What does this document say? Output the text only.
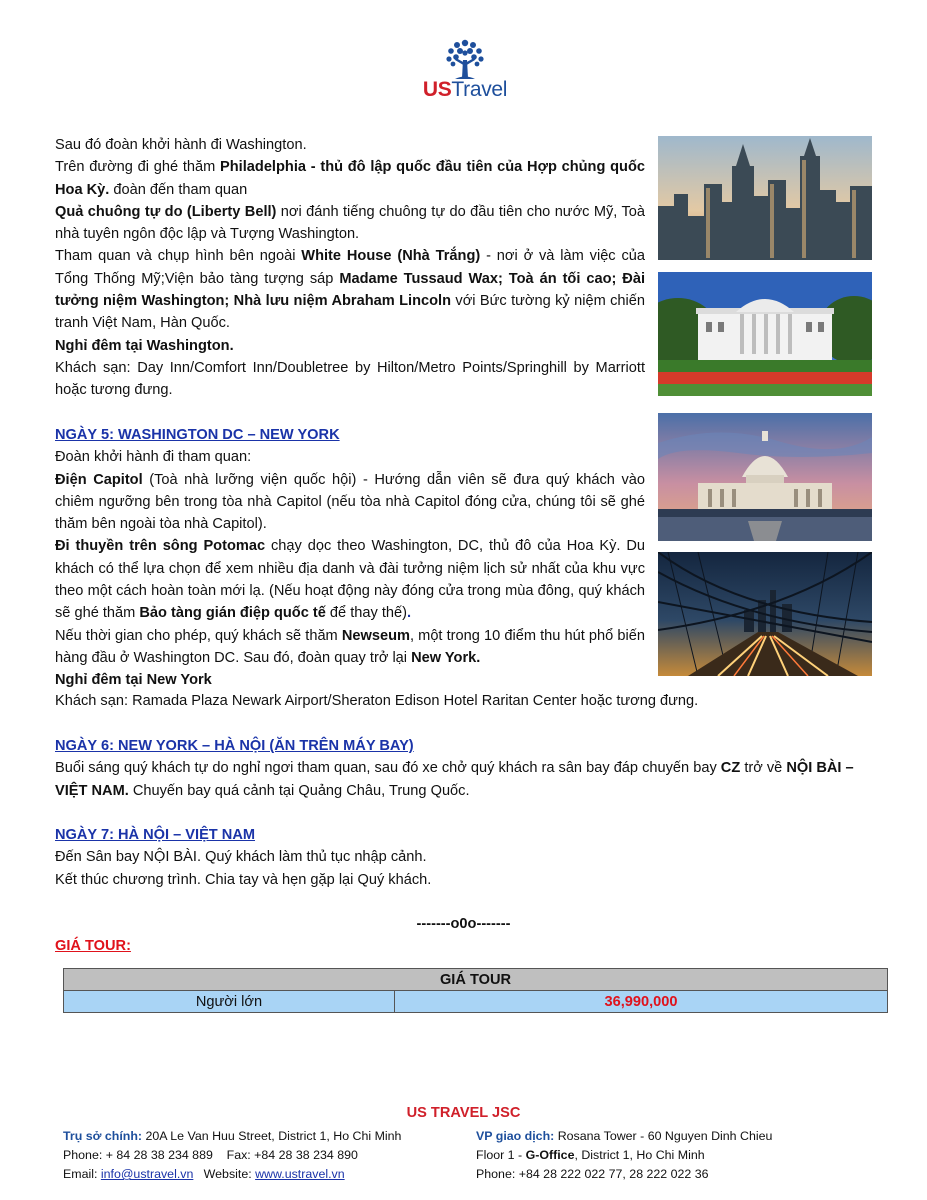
USTravel

Sau đó đoàn khởi hành đi Washington.

Trên đường đi ghé thăm Philadelphia - thủ đô lập quốc đầu tiên của Hợp chủng quốc Hoa Kỳ. đoàn đến tham quan

Quả chuông tự do (Liberty Bell) nơi đánh tiếng chuông tự do đầu tiên cho nước Mỹ, Toà nhà tuyên ngôn độc lập và Tượng Washington.

Tham quan và chụp hình bên ngoài White House (Nhà Trắng) - nơi ở và làm việc của Tổng Thống Mỹ;Viện bảo tàng tượng sáp Madame Tussaud Wax; Toà án tối cao; Đài tưởng niệm Washington; Nhà lưu niệm Abraham Lincoln với Bức tường kỷ niệm chiến tranh Việt Nam, Hàn Quốc.

Nghỉ đêm tại Washington.

Khách sạn: Day Inn/Comfort Inn/Doubletree by Hilton/Metro Points/Springhill by Marriott hoặc tương đưng.

NGÀY 5: WASHINGTON DC – NEW YORK

Đoàn khởi hành đi tham quan:

Điện Capitol (Toà nhà lưỡng viện quốc hội) - Hướng dẫn viên sẽ đưa quý khách vào chiêm ngưỡng bên trong tòa nhà Capitol (nếu tòa nhà Capitol đóng cửa, chúng tôi sẽ ghé thăm bên ngoài tòa nhà Capitol).

Đi thuyền trên sông Potomac chạy dọc theo Washington, DC, thủ đô của Hoa Kỳ. Du khách có thể lựa chọn để xem nhiều địa danh và đài tưởng niệm lịch sử nhất của khu vực theo một cách hoàn toàn mới lạ. (Nếu hoạt động này đóng cửa trong mùa đông, quý khách sẽ ghé thăm Bảo tàng gián điệp quốc tế để thay thế).

Nếu thời gian cho phép, quý khách sẽ thăm Newseum, một trong 10 điểm thu hút phổ biến hàng đầu ở Washington DC. Sau đó, đoàn quay trở lại New York.

Nghỉ đêm tại New York

Khách sạn: Ramada Plaza Newark Airport/Sheraton Edison Hotel Raritan Center hoặc tương đưng.

NGÀY 6: NEW YORK – HÀ NỘI (ĂN TRÊN MÁY BAY)

Buổi sáng quý khách tự do nghỉ ngơi tham quan, sau đó xe chở quý khách ra sân bay đáp chuyến bay CZ trở về NỘI BÀI – VIỆT NAM. Chuyến bay quá cảnh tại Quảng Châu, Trung Quốc.

NGÀY 7: HÀ NỘI – VIỆT NAM

Đến Sân bay NỘI BÀI. Quý khách làm thủ tục nhập cảnh.

Kết thúc chương trình. Chia tay và hẹn gặp lại Quý khách.

-------o0o-------
GIÁ TOUR:
GIÁ TOUR
Người lớn	36,990,000
US TRAVEL JSC
Trụ sở chính: 20A Le Van Huu Street, District 1, Ho Chi Minh
Phone: + 84 28 38 234 889    Fax: +84 28 38 234 890
Email: info@ustravel.vn   Website: www.ustravel.vn
VP giao dịch: Rosana Tower - 60 Nguyen Dinh Chieu
Floor 1 - G-Office, District 1, Ho Chi Minh
Phone: +84 28 222 022 77, 28 222 022 36
